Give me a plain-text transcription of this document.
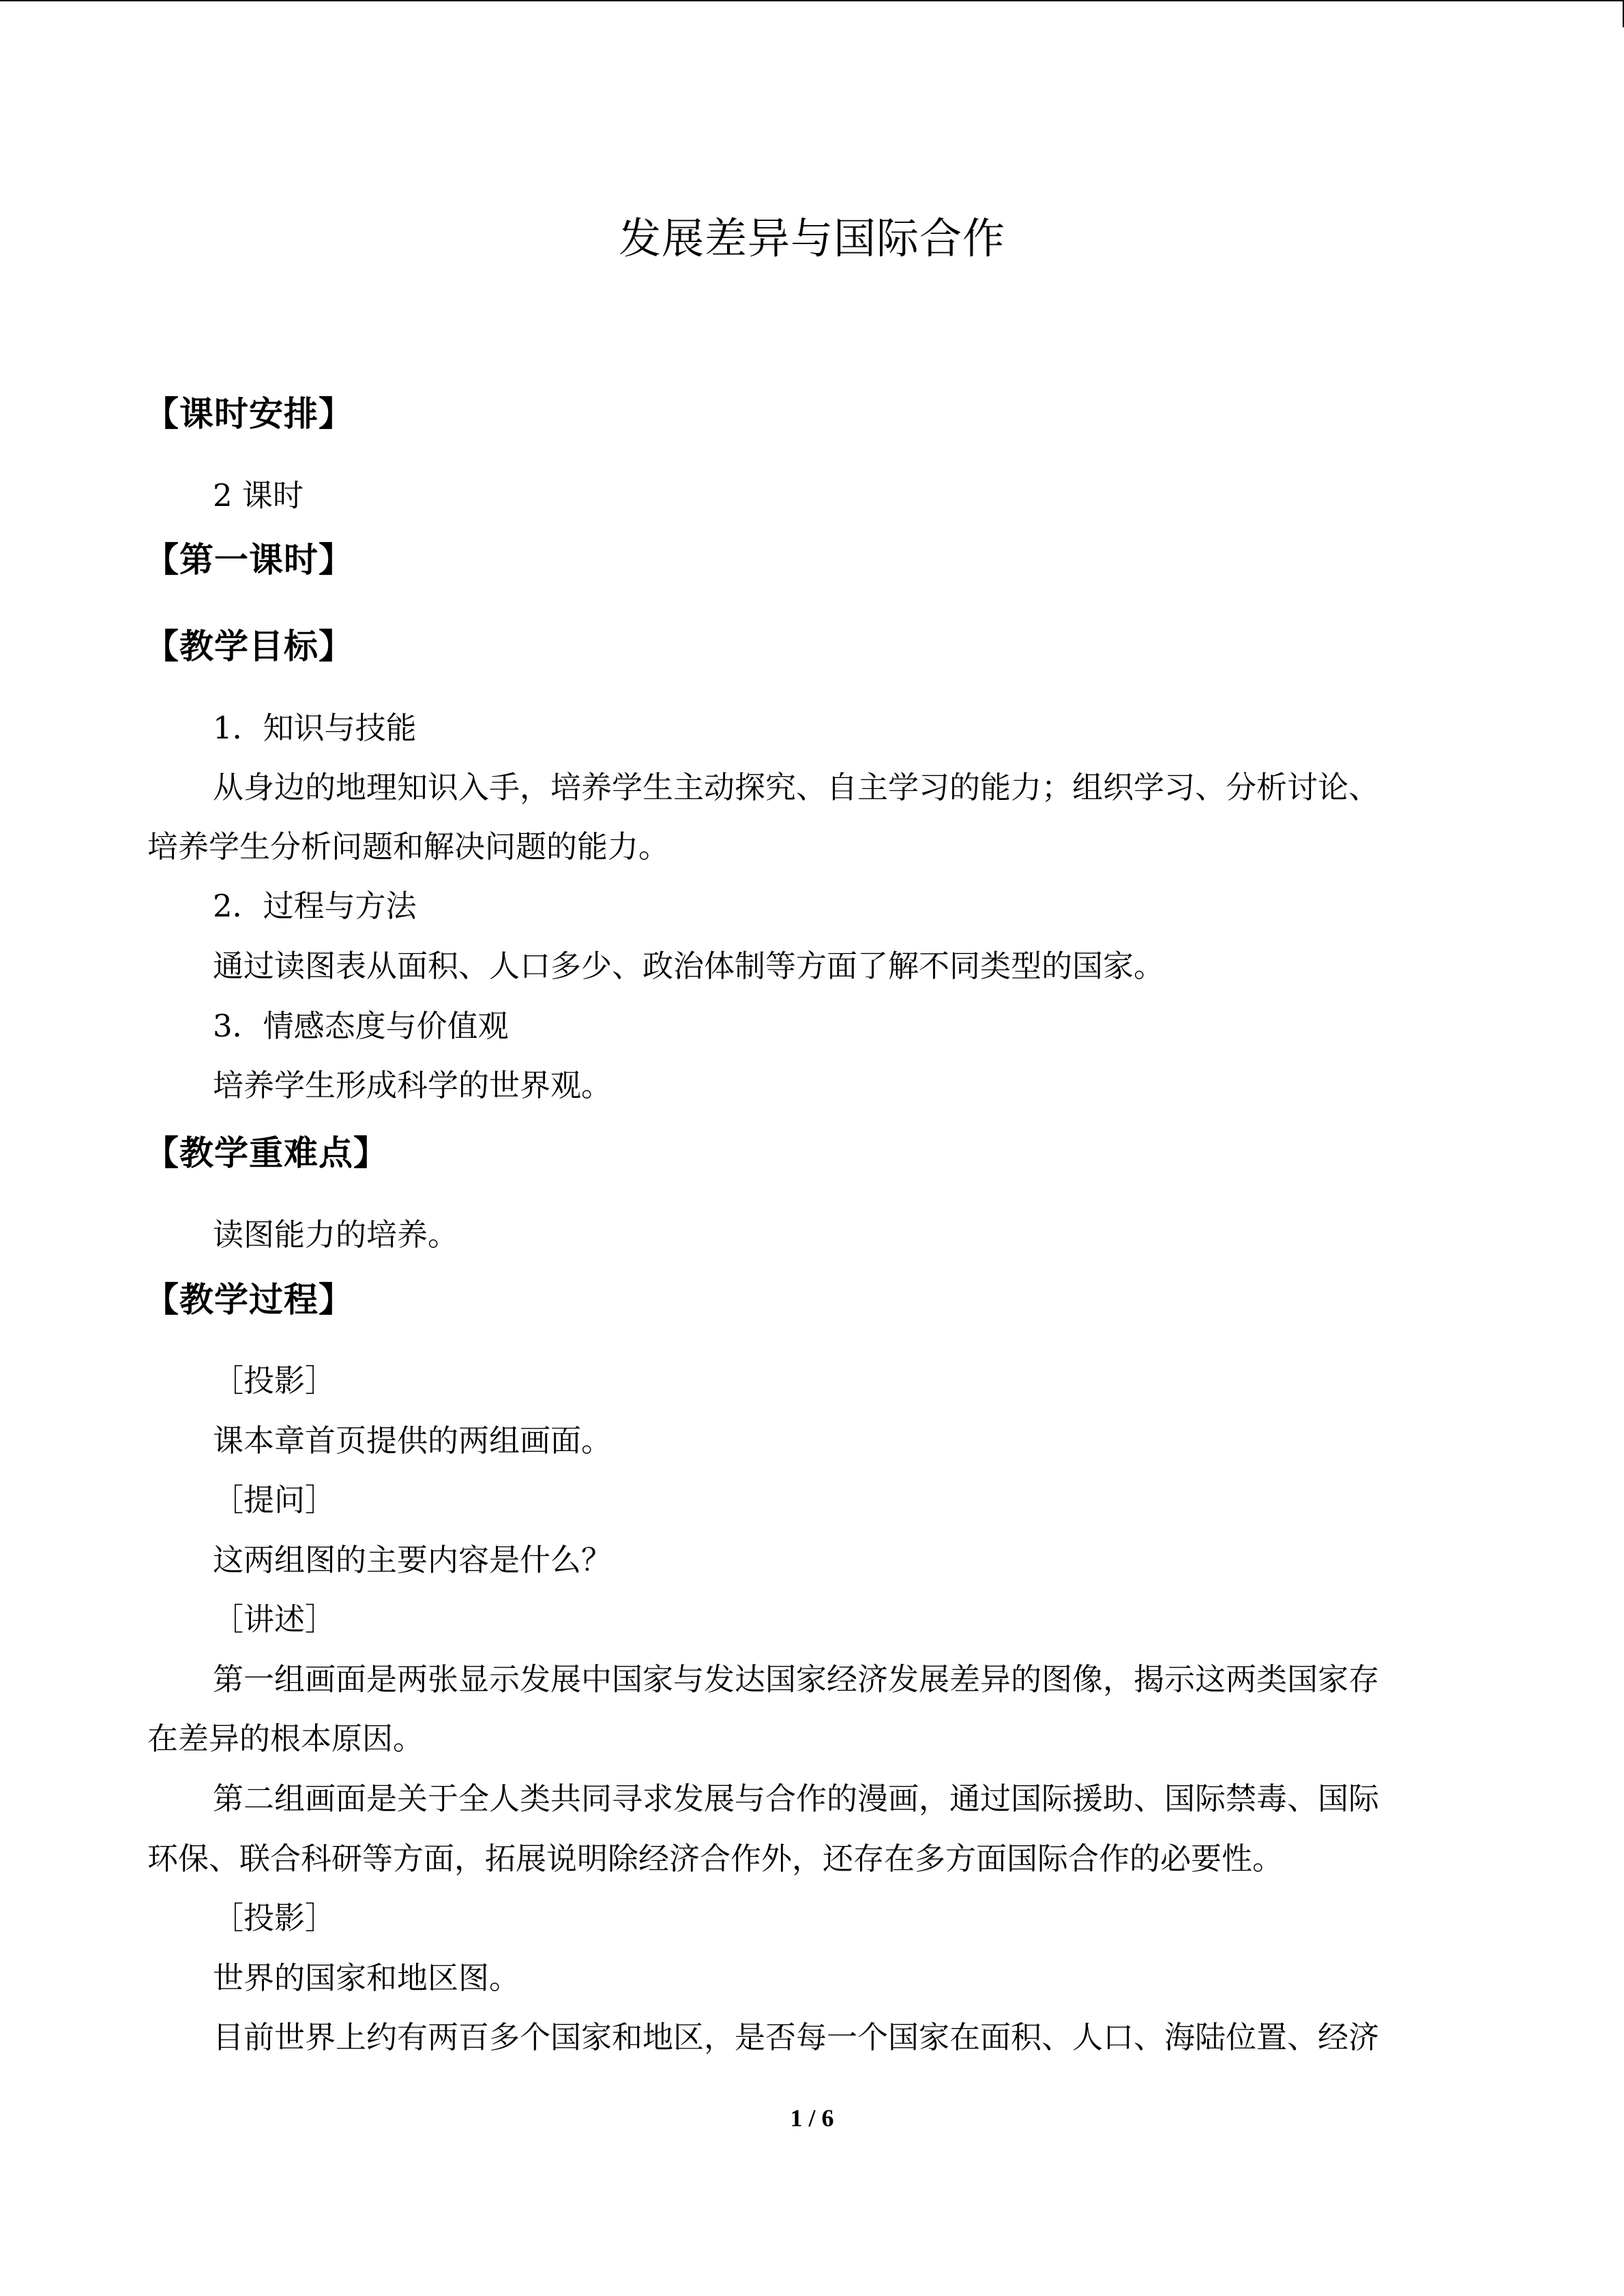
发展差异与国际合作
【课时安排】
2 课时
【第一课时】
【教学目标】
1．知识与技能
从身边的地理知识入手，培养学生主动探究、自主学习的能力；组织学习、分析讨论、
培养学生分析问题和解决问题的能力。
2．过程与方法
通过读图表从面积、人口多少、政治体制等方面了解不同类型的国家。
3．情感态度与价值观
培养学生形成科学的世界观。
【教学重难点】
读图能力的培养。
【教学过程】
［投影］
课本章首页提供的两组画面。
［提问］
这两组图的主要内容是什么？
［讲述］
第一组画面是两张显示发展中国家与发达国家经济发展差异的图像，揭示这两类国家存
在差异的根本原因。
第二组画面是关于全人类共同寻求发展与合作的漫画，通过国际援助、国际禁毒、国际
环保、联合科研等方面，拓展说明除经济合作外，还存在多方面国际合作的必要性。
［投影］
世界的国家和地区图。
目前世界上约有两百多个国家和地区，是否每一个国家在面积、人口、海陆位置、经济
1 / 6
